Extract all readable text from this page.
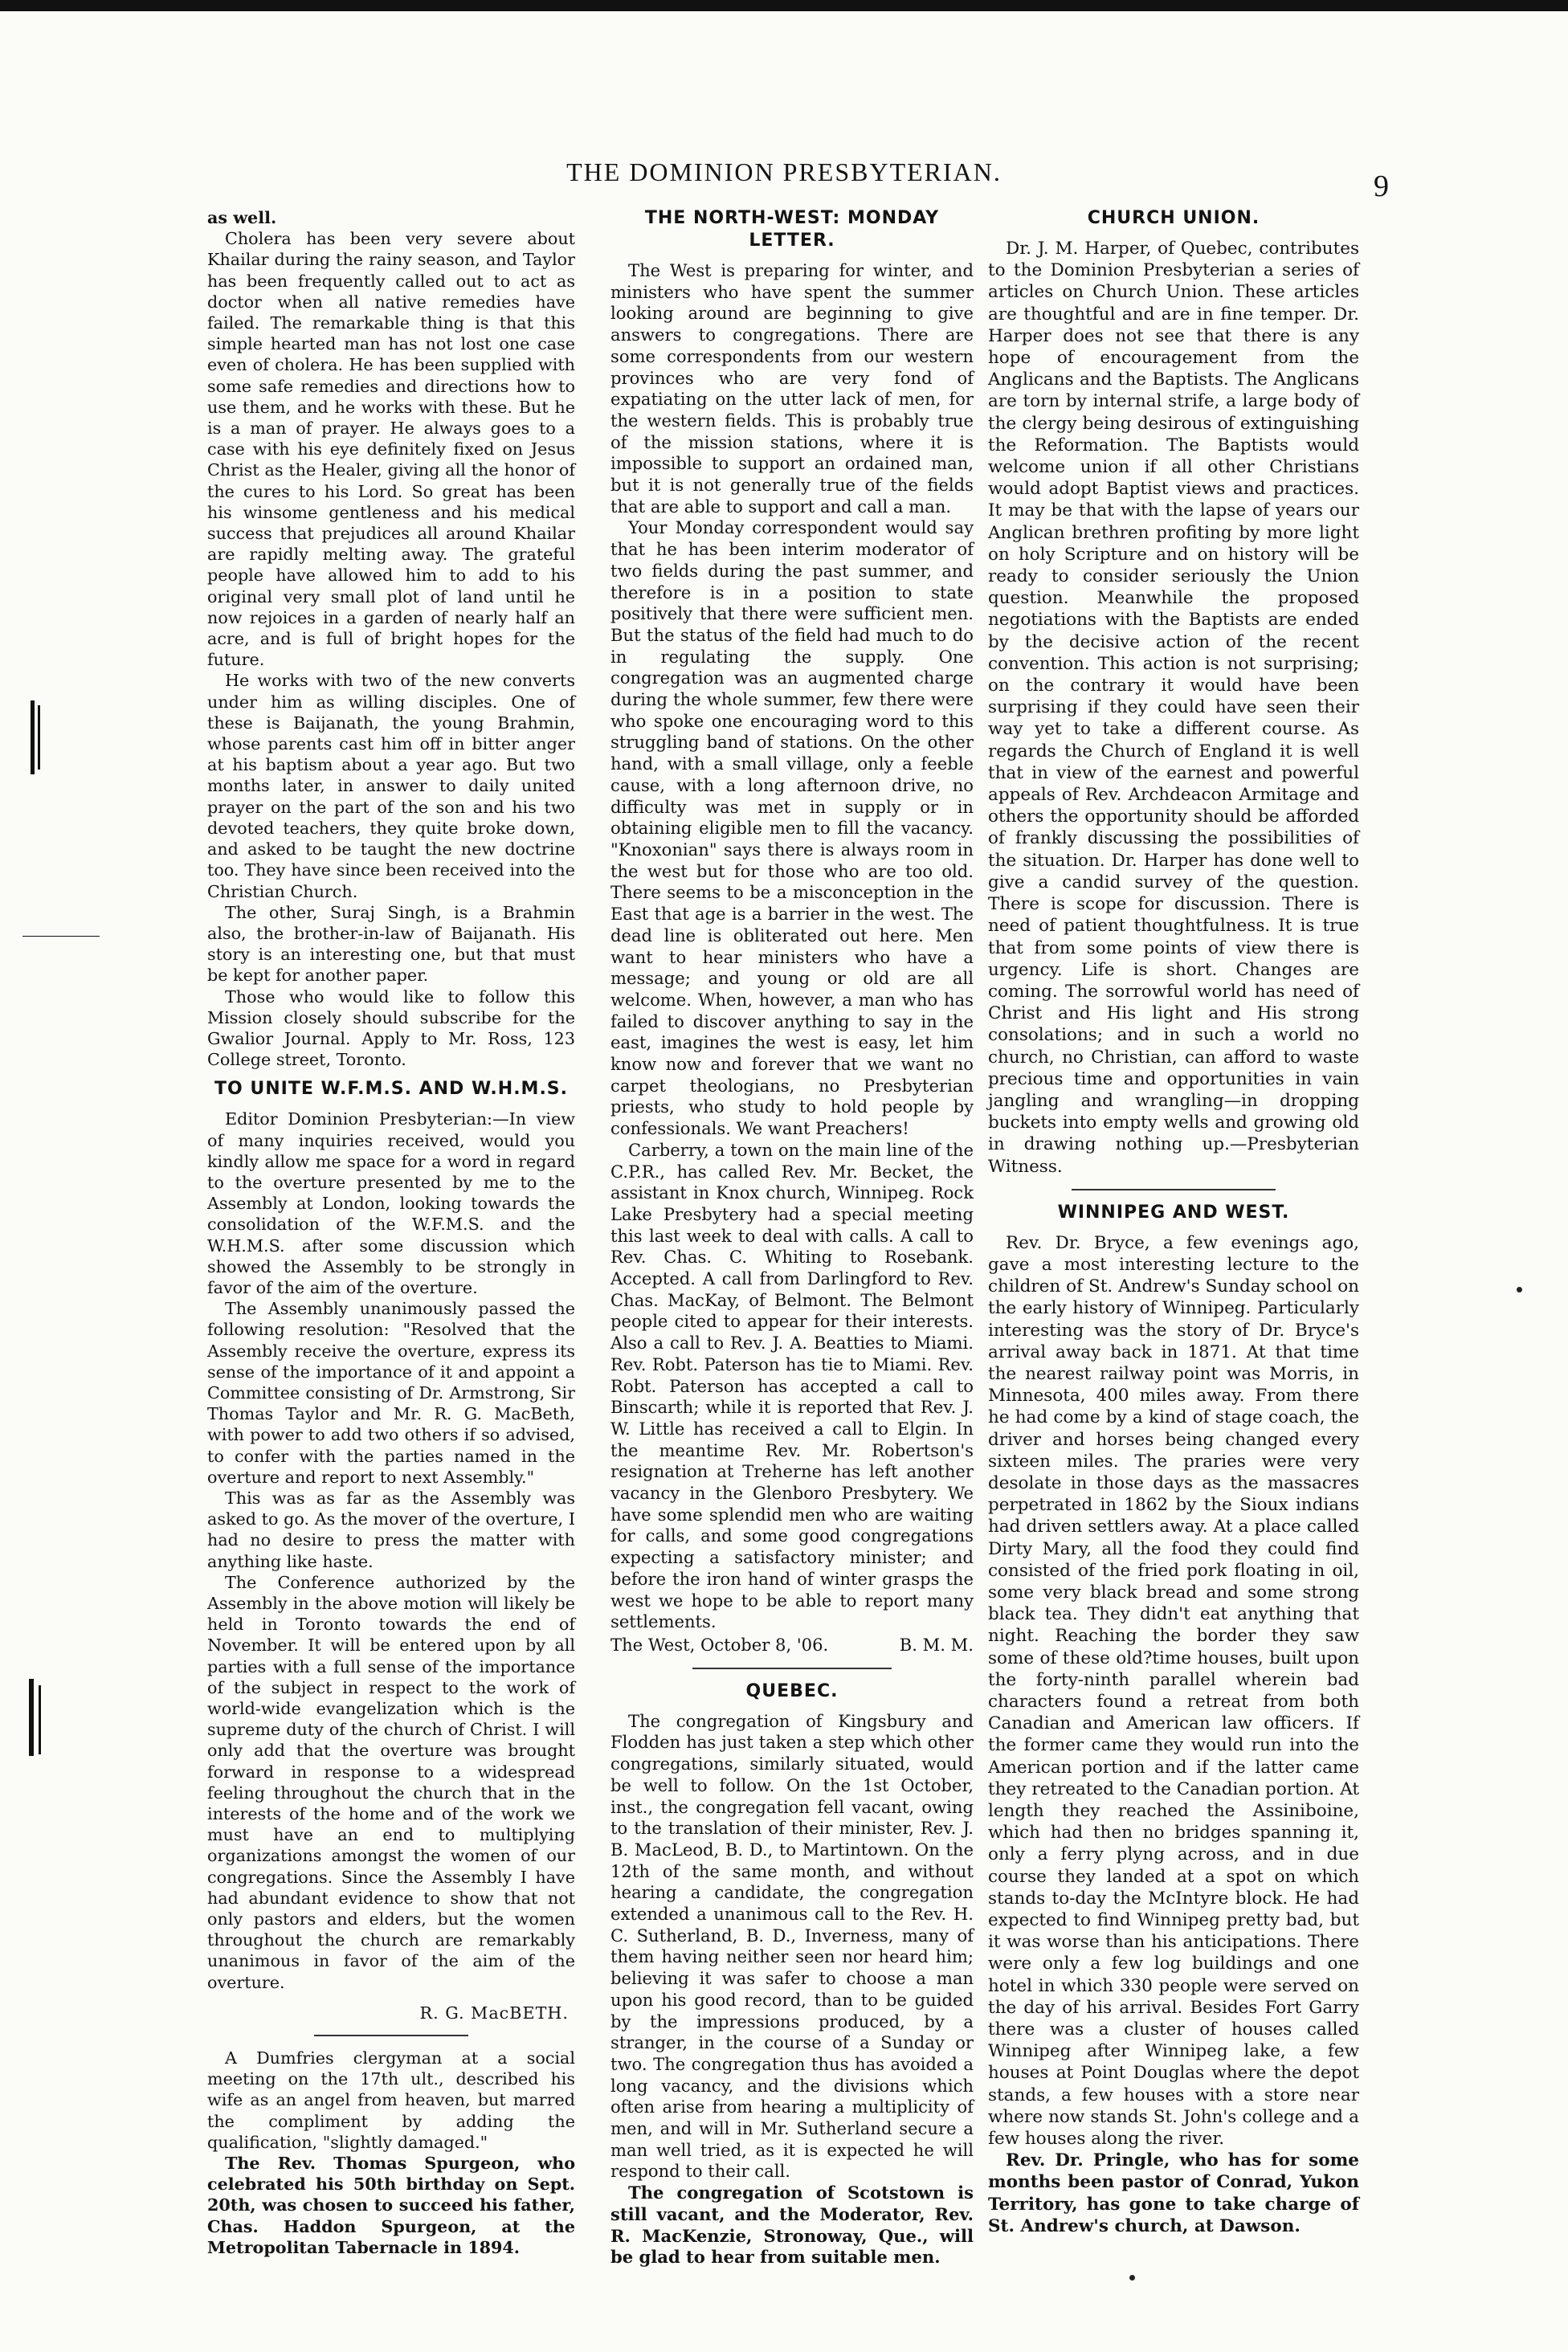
THE DOMINION PRESBYTERIAN.	9

as well.

Cholera has been very severe about Khailar during the rainy season, and Taylor has been frequently called out to act as doctor when all native remedies have failed. The remarkable thing is that this simple hearted man has not lost one case even of cholera. He has been supplied with some safe remedies and directions how to use them, and he works with these. But he is a man of prayer. He always goes to a case with his eye definitely fixed on Jesus Christ as the Healer, giving all the honor of the cures to his Lord. So great has been his winsome gentleness and his medical success that prejudices all around Khailar are rapidly melting away. The grateful people have allowed him to add to his original very small plot of land until he now rejoices in a garden of nearly half an acre, and is full of bright hopes for the future.

He works with two of the new converts under him as willing disciples. One of these is Baijanath, the young Brahmin, whose parents cast him off in bitter anger at his baptism about a year ago. But two months later, in answer to daily united prayer on the part of the son and his two devoted teachers, they quite broke down, and asked to be taught the new doctrine too. They have since been received into the Christian Church.

The other, Suraj Singh, is a Brahmin also, the brother-in-law of Baijanath. His story is an interesting one, but that must be kept for another paper.

Those who would like to follow this Mission closely should subscribe for the Gwalior Journal. Apply to Mr. Ross, 123 College street, Toronto.

TO UNITE W.F.M.S. AND W.H.M.S.

Editor Dominion Presbyterian:—In view of many inquiries received, would you kindly allow me space for a word in regard to the overture presented by me to the Assembly at London, looking towards the consolidation of the W.F.M.S. and the W.H.M.S. after some discussion which showed the Assembly to be strongly in favor of the aim of the overture.

The Assembly unanimously passed the following resolution: "Resolved that the Assembly receive the overture, express its sense of the importance of it and appoint a Committee consisting of Dr. Armstrong, Sir Thomas Taylor and Mr. R. G. MacBeth, with power to add two others if so advised, to confer with the parties named in the overture and report to next Assembly."

This was as far as the Assembly was asked to go. As the mover of the overture, I had no desire to press the matter with anything like haste.

The Conference authorized by the Assembly in the above motion will likely be held in Toronto towards the end of November. It will be entered upon by all parties with a full sense of the importance of the subject in respect to the work of world-wide evangelization which is the supreme duty of the church of Christ. I will only add that the overture was brought forward in response to a widespread feeling throughout the church that in the interests of the home and of the work we must have an end to multiplying organizations amongst the women of our congregations. Since the Assembly I have had abundant evidence to show that not only pastors and elders, but the women throughout the church are remarkably unanimous in favor of the aim of the overture.

R. G. MacBETH.

A Dumfries clergyman at a social meeting on the 17th ult., described his wife as an angel from heaven, but marred the compliment by adding the qualification, "slightly damaged."

The Rev. Thomas Spurgeon, who celebrated his 50th birthday on Sept. 20th, was chosen to succeed his father, Chas. Haddon Spurgeon, at the Metropolitan Tabernacle in 1894.

THE NORTH-WEST: MONDAY LETTER.

The West is preparing for winter, and ministers who have spent the summer looking around are beginning to give answers to congregations. There are some correspondents from our western provinces who are very fond of expatiating on the utter lack of men, for the western fields. This is probably true of the mission stations, where it is impossible to support an ordained man, but it is not generally true of the fields that are able to support and call a man.

Your Monday correspondent would say that he has been interim moderator of two fields during the past summer, and therefore is in a position to state positively that there were sufficient men. But the status of the field had much to do in regulating the supply. One congregation was an augmented charge during the whole summer, few there were who spoke one encouraging word to this struggling band of stations. On the other hand, with a small village, only a feeble cause, with a long afternoon drive, no difficulty was met in supply or in obtaining eligible men to fill the vacancy. "Knoxonian" says there is always room in the west but for those who are too old. There seems to be a misconception in the East that age is a barrier in the west. The dead line is obliterated out here. Men want to hear ministers who have a message; and young or old are all welcome. When, however, a man who has failed to discover anything to say in the east, imagines the west is easy, let him know now and forever that we want no carpet theologians, no Presbyterian priests, who study to hold people by confessionals. We want Preachers!

Carberry, a town on the main line of the C.P.R., has called Rev. Mr. Becket, the assistant in Knox church, Winnipeg. Rock Lake Presbytery had a special meeting this last week to deal with calls. A call to Rev. Chas. C. Whiting to Rosebank. Accepted. A call from Darlingford to Rev. Chas. MacKay, of Belmont. The Belmont people cited to appear for their interests. Also a call to Rev. J. A. Beatties to Miami. Rev. Robt. Paterson has tie to Miami. Rev. Robt. Paterson has accepted a call to Binscarth; while it is reported that Rev. J. W. Little has received a call to Elgin. In the meantime Rev. Mr. Robertson's resignation at Treherne has left another vacancy in the Glenboro Presbytery. We have some splendid men who are waiting for calls, and some good congregations expecting a satisfactory minister; and before the iron hand of winter grasps the west we hope to be able to report many settlements.

The West, October 8, '06.	B. M. M.
QUEBEC.

The congregation of Kingsbury and Flodden has just taken a step which other congregations, similarly situated, would be well to follow. On the 1st October, inst., the congregation fell vacant, owing to the translation of their minister, Rev. J. B. MacLeod, B. D., to Martintown. On the 12th of the same month, and without hearing a candidate, the congregation extended a unanimous call to the Rev. H. C. Sutherland, B. D., Inverness, many of them having neither seen nor heard him; believing it was safer to choose a man upon his good record, than to be guided by the impressions produced, by a stranger, in the course of a Sunday or two. The congregation thus has avoided a long vacancy, and the divisions which often arise from hearing a multiplicity of men, and will in Mr. Sutherland secure a man well tried, as it is expected he will respond to their call.

The congregation of Scotstown is still vacant, and the Moderator, Rev. R. MacKenzie, Stronoway, Que., will be glad to hear from suitable men.

CHURCH UNION.

Dr. J. M. Harper, of Quebec, contributes to the Dominion Presbyterian a series of articles on Church Union. These articles are thoughtful and are in fine temper. Dr. Harper does not see that there is any hope of encouragement from the Anglicans and the Baptists. The Anglicans are torn by internal strife, a large body of the clergy being desirous of extinguishing the Reformation. The Baptists would welcome union if all other Christians would adopt Baptist views and practices. It may be that with the lapse of years our Anglican brethren profiting by more light on holy Scripture and on history will be ready to consider seriously the Union question. Meanwhile the proposed negotiations with the Baptists are ended by the decisive action of the recent convention. This action is not surprising; on the contrary it would have been surprising if they could have seen their way yet to take a different course. As regards the Church of England it is well that in view of the earnest and powerful appeals of Rev. Archdeacon Armitage and others the opportunity should be afforded of frankly discussing the possibilities of the situation. Dr. Harper has done well to give a candid survey of the question. There is scope for discussion. There is need of patient thoughtfulness. It is true that from some points of view there is urgency. Life is short. Changes are coming. The sorrowful world has need of Christ and His light and His strong consolations; and in such a world no church, no Christian, can afford to waste precious time and opportunities in vain jangling and wrangling—in dropping buckets into empty wells and growing old in drawing nothing up.—Presbyterian Witness.

WINNIPEG AND WEST.

Rev. Dr. Bryce, a few evenings ago, gave a most interesting lecture to the children of St. Andrew's Sunday school on the early history of Winnipeg. Particularly interesting was the story of Dr. Bryce's arrival away back in 1871. At that time the nearest railway point was Morris, in Minnesota, 400 miles away. From there he had come by a kind of stage coach, the driver and horses being changed every sixteen miles. The praries were very desolate in those days as the massacres perpetrated in 1862 by the Sioux indians had driven settlers away. At a place called Dirty Mary, all the food they could find consisted of the fried pork floating in oil, some very black bread and some strong black tea. They didn't eat anything that night. Reaching the border they saw some of these old?time houses, built upon the forty-ninth parallel wherein bad characters found a retreat from both Canadian and American law officers. If the former came they would run into the American portion and if the latter came they retreated to the Canadian portion. At length they reached the Assiniboine, which had then no bridges spanning it, only a ferry plyng across, and in due course they landed at a spot on which stands to-day the McIntyre block. He had expected to find Winnipeg pretty bad, but it was worse than his anticipations. There were only a few log buildings and one hotel in which 330 people were served on the day of his arrival. Besides Fort Garry there was a cluster of houses called Winnipeg after Winnipeg lake, a few houses at Point Douglas where the depot stands, a few houses with a store near where now stands St. John's college and a few houses along the river.

Rev. Dr. Pringle, who has for some months been pastor of Conrad, Yukon Territory, has gone to take charge of St. Andrew's church, at Dawson.
